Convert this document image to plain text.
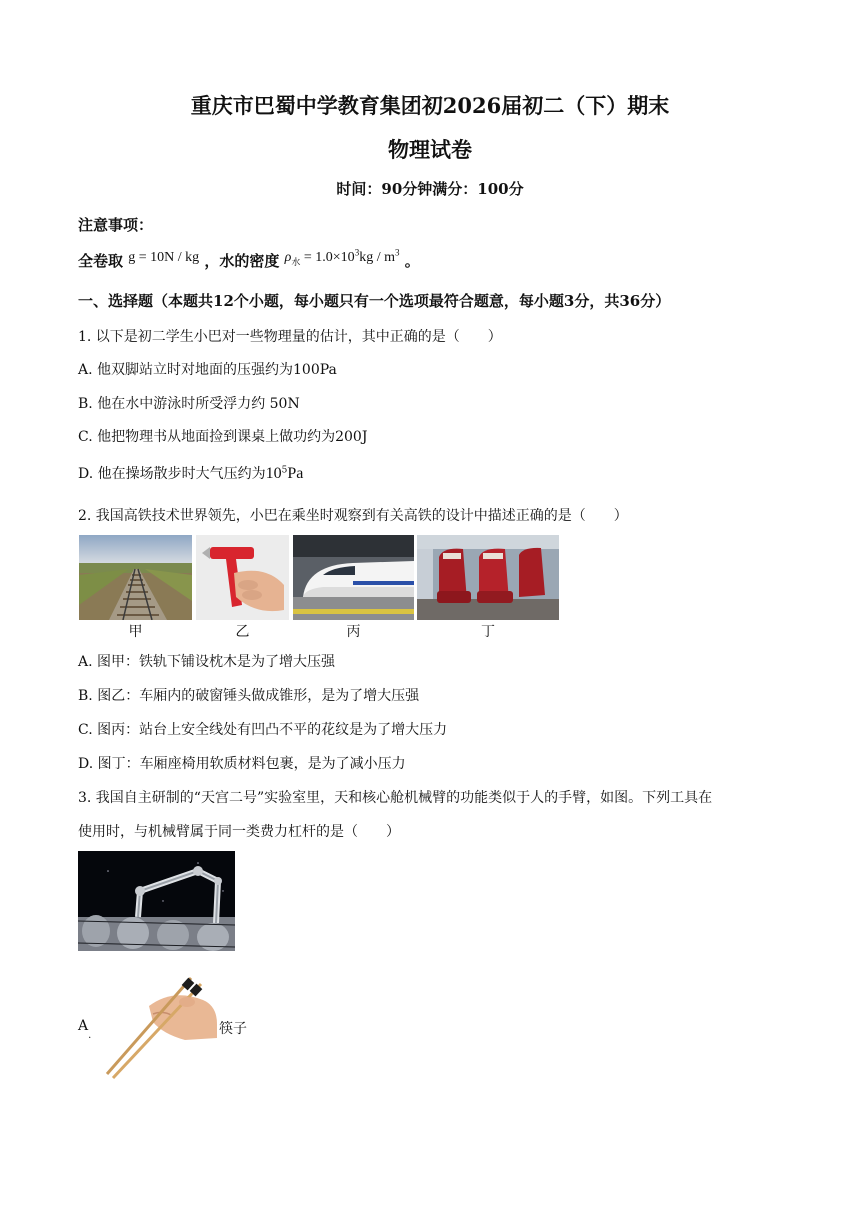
重庆市巴蜀中学教育集团初2026届初二（下）期末
物理试卷
时间：90分钟满分：100分
注意事项：
全卷取 g = 10N / kg ，水的密度 $\rho_水 = 1.0\times 10^3kg / m^3$ 。
一、选择题（本题共12个小题，每小题只有一个选项最符合题意，每小题3分，共36分）
1. 以下是初二学生小巴对一些物理量的估计，其中正确的是（　　）
A. 他双脚站立时对地面的压强约为100Pa
B. 他在水中游泳时所受浮力约 50N
C. 他把物理书从地面捡到课桌上做功约为200J
D. 他在操场散步时大气压约为$10^5Pa$
2. 我国高铁技术世界领先，小巴在乘坐时观察到有关高铁的设计中描述正确的是（　　）
甲	乙	丙	丁
A. 图甲：铁轨下铺设枕木是为了增大压强
B. 图乙：车厢内的破窗锤头做成锥形，是为了增大压强
C. 图丙：站台上安全线处有凹凸不平的花纹是为了增大压力
D. 图丁：车厢座椅用软质材料包裹，是为了减小压力
3. 我国自主研制的“天宫二号”实验室里，天和核心舱机械臂的功能类似于人的手臂，如图。下列工具在
使用时，与机械臂属于同一类费力杠杆的是（　　）
$A_.$	筷子
